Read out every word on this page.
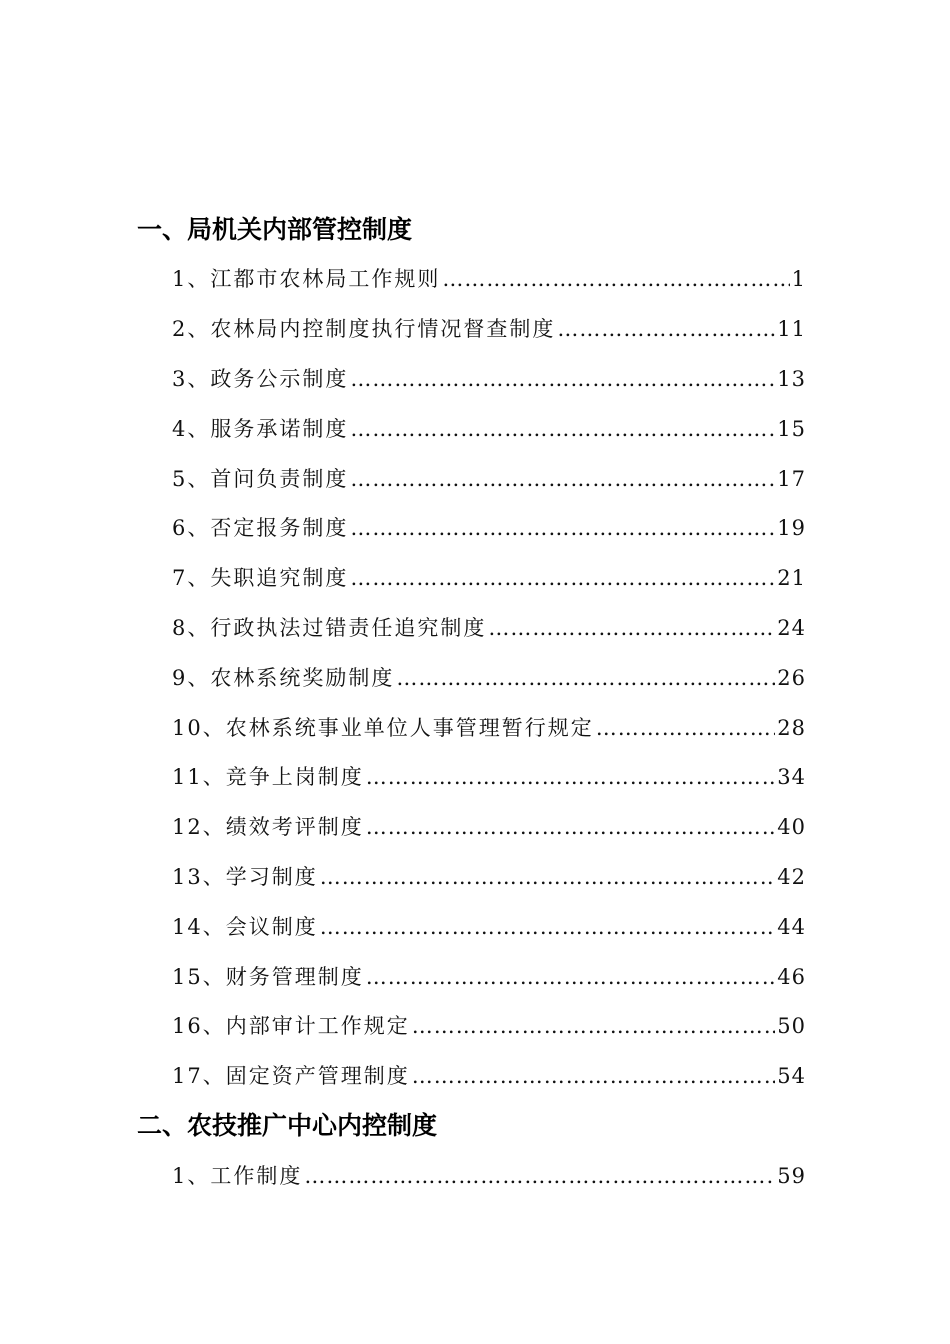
一、局机关内部管控制度
1、 江都市农林局工作规则 ……………………………………………………………………………………………………………………………………………………………………	1
2、 农林局内控制度执行情况督查制度 ……………………………………………………………………………………………………………………………………………………………………	11
3、 政务公示制度 ……………………………………………………………………………………………………………………………………………………………………	13
4、 服务承诺制度 ……………………………………………………………………………………………………………………………………………………………………	15
5、 首问负责制度 ……………………………………………………………………………………………………………………………………………………………………	17
6、 否定报务制度 ……………………………………………………………………………………………………………………………………………………………………	19
7、 失职追究制度 ……………………………………………………………………………………………………………………………………………………………………	21
8、 行政执法过错责任追究制度 ……………………………………………………………………………………………………………………………………………………………………	24
9、 农林系统奖励制度 ……………………………………………………………………………………………………………………………………………………………………	26
10、 农林系统事业单位人事管理暂行规定 ……………………………………………………………………………………………………………………………………………………………………	28
11、 竞争上岗制度 ……………………………………………………………………………………………………………………………………………………………………	34
12、 绩效考评制度 ……………………………………………………………………………………………………………………………………………………………………	40
13、 学习制度 ……………………………………………………………………………………………………………………………………………………………………	42
14、 会议制度 ……………………………………………………………………………………………………………………………………………………………………	44
15、 财务管理制度 ……………………………………………………………………………………………………………………………………………………………………	46
16、 内部审计工作规定 ……………………………………………………………………………………………………………………………………………………………………	50
17、 固定资产管理制度 ……………………………………………………………………………………………………………………………………………………………………	54
二、农技推广中心内控制度
1、 工作制度 ……………………………………………………………………………………………………………………………………………………………………	59
